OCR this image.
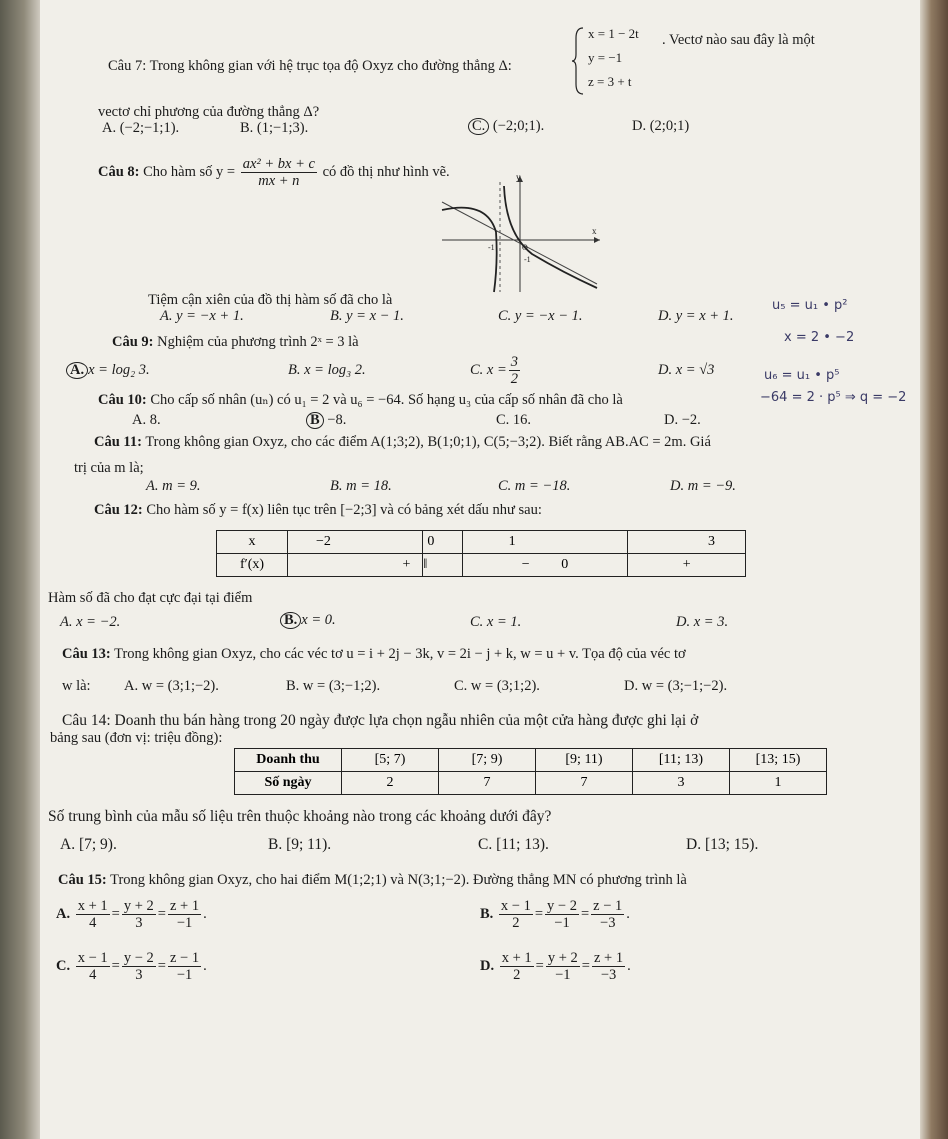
Câu 7: Trong không gian với hệ trục tọa độ Oxyz cho đường thẳng Δ:
x = 1 − 2t
y = −1
z = 3 + t
. Vectơ nào sau đây là một
vectơ chỉ phương của đường thẳng Δ?
A. (−2;−1;1).	B. (1;−1;3).	C. (−2;0;1).	D. (2;0;1)
Câu 8: Cho hàm số $y = \frac{\text{ax² + bx + c}}{mx + n}$ có đồ thị như hình vẽ.	y
x
O
-1
-1
Tiệm cận xiên của đồ thị hàm số đã cho là
A. y = −x + 1.	B. y = x − 1.	C. y = −x − 1.	D. y = x + 1.
u₅ = u₁ • p²
Câu 9: Nghiệm của phương trình 2ˣ = 3 là	x = 2 • −2
A. x = log₂ 3.	B. x = log₃ 2.	C. $x = \frac{3}{2}$	D. x = √3	u₆ = u₁ • p⁵
Câu 10: Cho cấp số nhân (uₙ) có u₁ = 2 và u₆ = −64. Số hạng u₃ của cấp số nhân đã cho là	−64 = 2 · p⁵ ⇒ q = −2
A. 8.	B −8.	C. 16.	D. −2.
Câu 11: Trong không gian Oxyz, cho các điểm A(1;3;2), B(1;0;1), C(5;−3;2). Biết rằng AB.AC = 2m. Giá
trị của m là;
A. m = 9.	B. m = 18.	C. m = −18.	D. m = −9.
Câu 12: Cho hàm số y = f(x) liên tục trên [−2;3] và có bảng xét dấu như sau:
x	−2	0	1	3
f′(x)	+	‖	− 0	+
Hàm số đã cho đạt cực đại tại điểm
A. x = −2.	B. x = 0.	C. x = 1.	D. x = 3.
Câu 13: Trong không gian Oxyz, cho các véc tơ u = i + 2j − 3k, v = 2i − j + k, w = u + v. Tọa độ của véc tơ
w là: A. w = (3;1;−2).	B. w = (3;−1;2).	C. w = (3;1;2).	D. w = (3;−1;−2).
Câu 14: Doanh thu bán hàng trong 20 ngày được lựa chọn ngẫu nhiên của một cửa hàng được ghi lại ở
bảng sau (đơn vị: triệu đồng):
Doanh thu	[5; 7)	[7; 9)	[9; 11)	[11; 13)	[13; 15)
Số ngày	2	7	7	3	1
Số trung bình của mẫu số liệu trên thuộc khoảng nào trong các khoảng dưới đây?
A. [7; 9).	B. [9; 11).	C. [11; 13).	D. [13; 15).
Câu 15: Trong không gian Oxyz, cho hai điểm M(1;2;1) và N(3;1;−2). Đường thẳng MN có phương trình là
A. $\frac{x + 1}{4} = \frac{y + 2}{3} = \frac{z + 1}{-1}$ .	B. $\frac{x - 1}{2} = \frac{y - 2}{-1} = \frac{z - 1}{-3}$ .
C. $\frac{x - 1}{4} = \frac{y - 2}{3} = \frac{z - 1}{-1}$ .	D. $\frac{x + 1}{2} = \frac{y + 2}{-1} = \frac{z + 1}{-3}$ .
